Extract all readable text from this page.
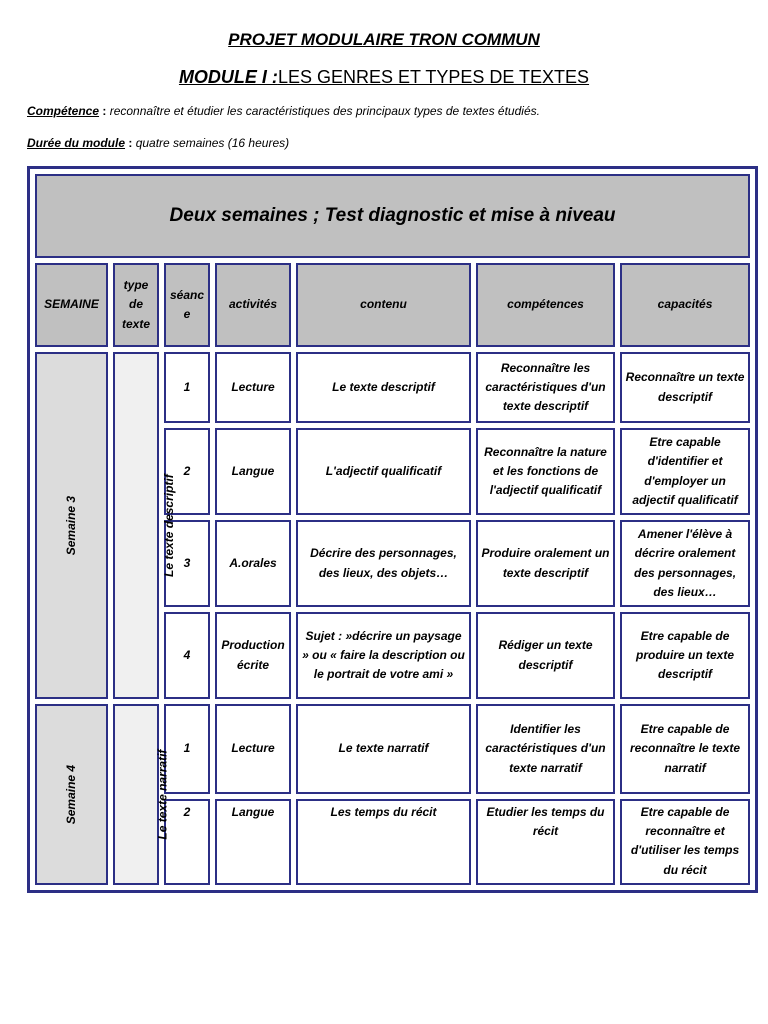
PROJET MODULAIRE TRON COMMUN
MODULE I :LES GENRES ET TYPES DE TEXTES
Compétence : reconnaître et étudier les caractéristiques des principaux types de textes étudiés.
Durée du module : quatre semaines (16 heures)
Deux semaines ; Test diagnostic et mise à niveau						
SEMAINE	type de texte	séanc e	activités	contenu	compétences	capacités
Semaine 3	Le texte descriptif	1	Lecture	Le texte descriptif	Reconnaître les caractéristiques d'un texte descriptif	Reconnaître un texte descriptif
		2	Langue	L'adjectif qualificatif	Reconnaître la nature et les fonctions de l'adjectif qualificatif	Etre capable d'identifier et d'employer un adjectif qualificatif
		3	A.orales	Décrire des personnages, des lieux, des objets…	Produire oralement un texte descriptif	Amener l'élève à décrire oralement des personnages, des lieux…
		4	Production écrite	Sujet : »décrire un paysage » ou « faire la description ou le portrait de votre ami »	Rédiger un texte descriptif	Etre capable de produire un texte descriptif
Semaine 4	Le texte narratif	1	Lecture	Le texte narratif	Identifier les caractéristiques d'un texte narratif	Etre capable de reconnaître le texte narratif
		2	Langue	Les temps du récit	Etudier les temps du récit	Etre capable de reconnaître et d'utiliser les temps du récit
